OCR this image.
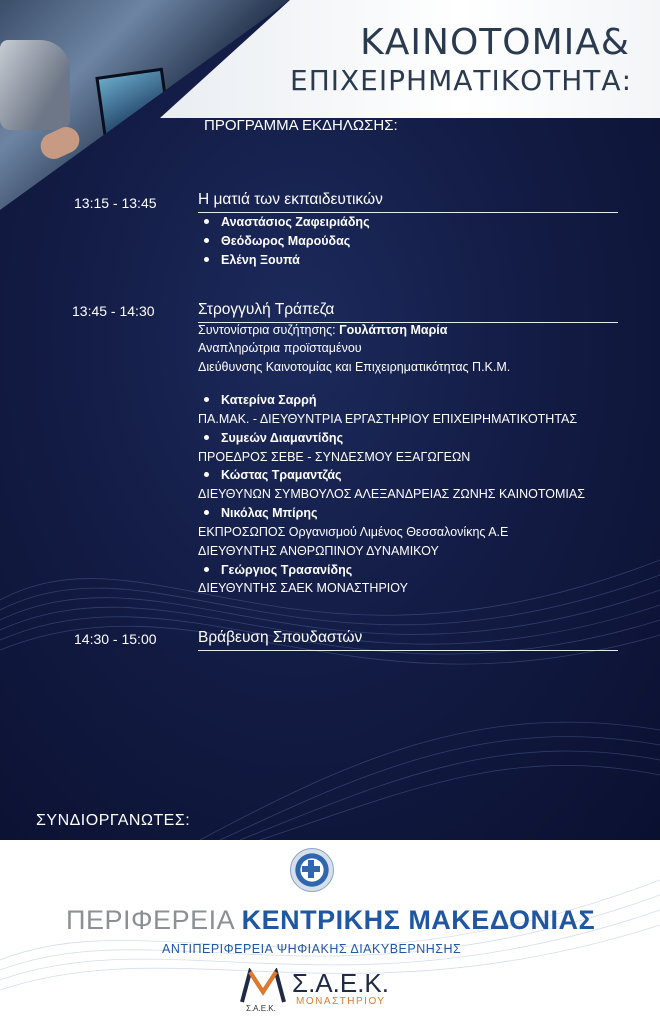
ΚΑΙΝΟΤΟΜΙΑ&
ΕΠΙΧΕΙΡΗΜΑΤΙΚΟΤΗΤΑ:
ΠΡΟΓΡΑΜΜΑ ΕΚΔΗΛΩΣΗΣ:
13:15 - 13:45	Η ματιά των εκπαιδευτικών
Αναστάσιος Ζαφειριάδης
Θεόδωρος Μαρούδας
Ελένη Ξουπά
13:45 - 14:30	Στρογγυλή Τράπεζα
Συντονίστρια συζήτησης: Γουλάπτση Μαρία
Αναπληρώτρια προϊσταμένου
Διεύθυνσης Καινοτομίας και Επιχειρηματικότητας Π.Κ.Μ.
Κατερίνα Σαρρή
ΠΑ.ΜΑΚ. - ΔΙΕΥΘΥΝΤΡΙΑ ΕΡΓΑΣΤΗΡΙΟΥ ΕΠΙΧΕΙΡΗΜΑΤΙΚΟΤΗΤΑΣ
Συμεών Διαμαντίδης
ΠΡΟΕΔΡΟΣ ΣΕΒΕ - ΣΥΝΔΕΣΜΟΥ ΕΞΑΓΩΓΕΩΝ
Κώστας Τραμαντζάς
ΔΙΕΥΘΥΝΩΝ ΣΥΜΒΟΥΛΟΣ ΑΛΕΞΑΝΔΡΕΙΑΣ ΖΩΝΗΣ ΚΑΙΝΟΤΟΜΙΑΣ
Νικόλας Μπίρης
ΕΚΠΡΟΣΩΠΟΣ Οργανισμού Λιμένος Θεσσαλονίκης Α.Ε
ΔΙΕΥΘΥΝΤΗΣ ΑΝΘΡΩΠΙΝΟΥ ΔΥΝΑΜΙΚΟΥ
Γεώργιος Τρασανίδης
ΔΙΕΥΘΥΝΤΗΣ ΣΑΕΚ ΜΟΝΑΣΤΗΡΙΟΥ
14:30 - 15:00	Βράβευση Σπουδαστών
ΣΥΝΔΙΟΡΓΑΝΩΤΕΣ:
ΠΕΡΙΦΕΡΕΙΑ ΚΕΝΤΡΙΚΗΣ ΜΑΚΕΔΟΝΙΑΣ
ΑΝΤΙΠΕΡΙΦΕΡΕΙΑ ΨΗΦΙΑΚΗΣ ΔΙΑΚΥΒΕΡΝΗΣΗΣ
Σ.Α.Ε.Κ.
Σ.Α.Ε.Κ.
ΜΟΝΑΣΤΗΡΙΟΥ
